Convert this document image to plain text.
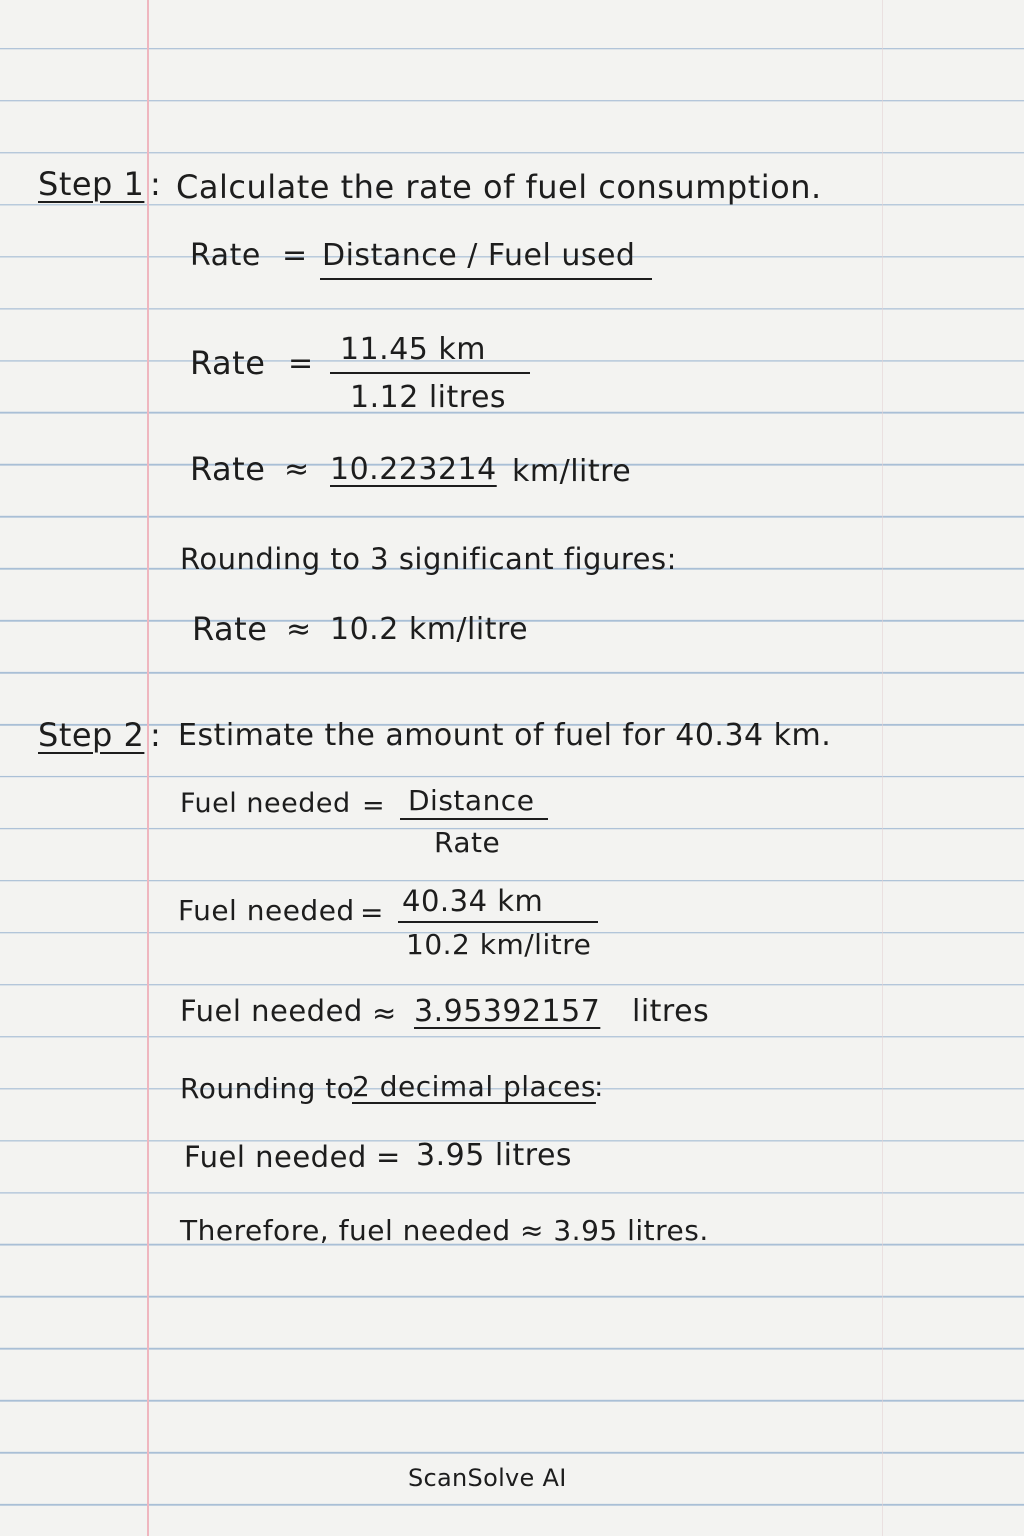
Step 1 : Calculate the rate of fuel consumption.
Rate = Distance / Fuel used
Rate = 11.45 km
1.12 litres
Rate ≈ 10.223214 km/litre
Rounding to 3 significant figures:
Rate ≈ 10.2 km/litre
Step 2 : Estimate the amount of fuel for 40.34 km.
Fuel needed = Distance
Rate
Fuel needed = 40.34 km
10.2 km/litre
Fuel needed ≈ 3.95392157 litres
Rounding to
2 decimal places
:
Fuel needed = 3.95 litres
Therefore, fuel needed ≈ 3.95 litres.
ScanSolve AI
